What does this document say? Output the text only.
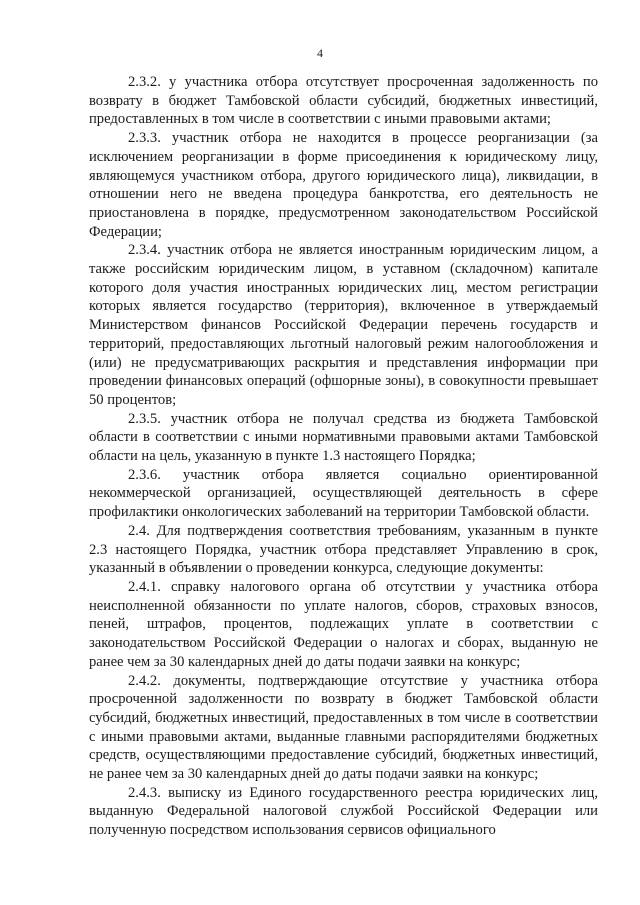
4

2.3.2. у участника отбора отсутствует просроченная задолженность по возврату в бюджет Тамбовской области субсидий, бюджетных инвестиций, предоставленных в том числе в соответствии с иными правовыми актами;

2.3.3. участник отбора не находится в процессе реорганизации (за исключением реорганизации в форме присоединения к юридическому лицу, являющемуся участником отбора, другого юридического лица), ликвидации, в отношении него не введена процедура банкротства, его деятельность не приостановлена в порядке, предусмотренном законодательством Российской Федерации;

2.3.4. участник отбора не является иностранным юридическим лицом, а также российским юридическим лицом, в уставном (складочном) капитале которого доля участия иностранных юридических лиц, местом регистрации которых является государство (территория), включенное в утверждаемый Министерством финансов Российской Федерации перечень государств и территорий, предоставляющих льготный налоговый режим налогообложения и (или) не предусматривающих раскрытия и представления информации при проведении финансовых операций (офшорные зоны), в совокупности превышает 50 процентов;

2.3.5. участник отбора не получал средства из бюджета Тамбовской области в соответствии с иными нормативными правовыми актами Тамбовской области на цель, указанную в пункте 1.3 настоящего Порядка;

2.3.6. участник отбора является социально ориентированной некоммерческой организацией, осуществляющей деятельность в сфере профилактики онкологических заболеваний на территории Тамбовской области.

2.4. Для подтверждения соответствия требованиям, указанным в пункте 2.3 настоящего Порядка, участник отбора представляет Управлению в срок, указанный в объявлении о проведении конкурса, следующие документы:

2.4.1. справку налогового органа об отсутствии у участника отбора неисполненной обязанности по уплате налогов, сборов, страховых взносов, пеней, штрафов, процентов, подлежащих уплате в соответствии с законодательством Российской Федерации о налогах и сборах, выданную не ранее чем за 30 календарных дней до даты подачи заявки на конкурс;

2.4.2. документы, подтверждающие отсутствие у участника отбора просроченной задолженности по возврату в бюджет Тамбовской области субсидий, бюджетных инвестиций, предоставленных в том числе в соответствии с иными правовыми актами, выданные главными распорядителями бюджетных средств, осуществляющими предоставление субсидий, бюджетных инвестиций, не ранее чем за 30 календарных дней до даты подачи заявки на конкурс;

2.4.3. выписку из Единого государственного реестра юридических лиц, выданную Федеральной налоговой службой Российской Федерации или полученную посредством использования сервисов официального
